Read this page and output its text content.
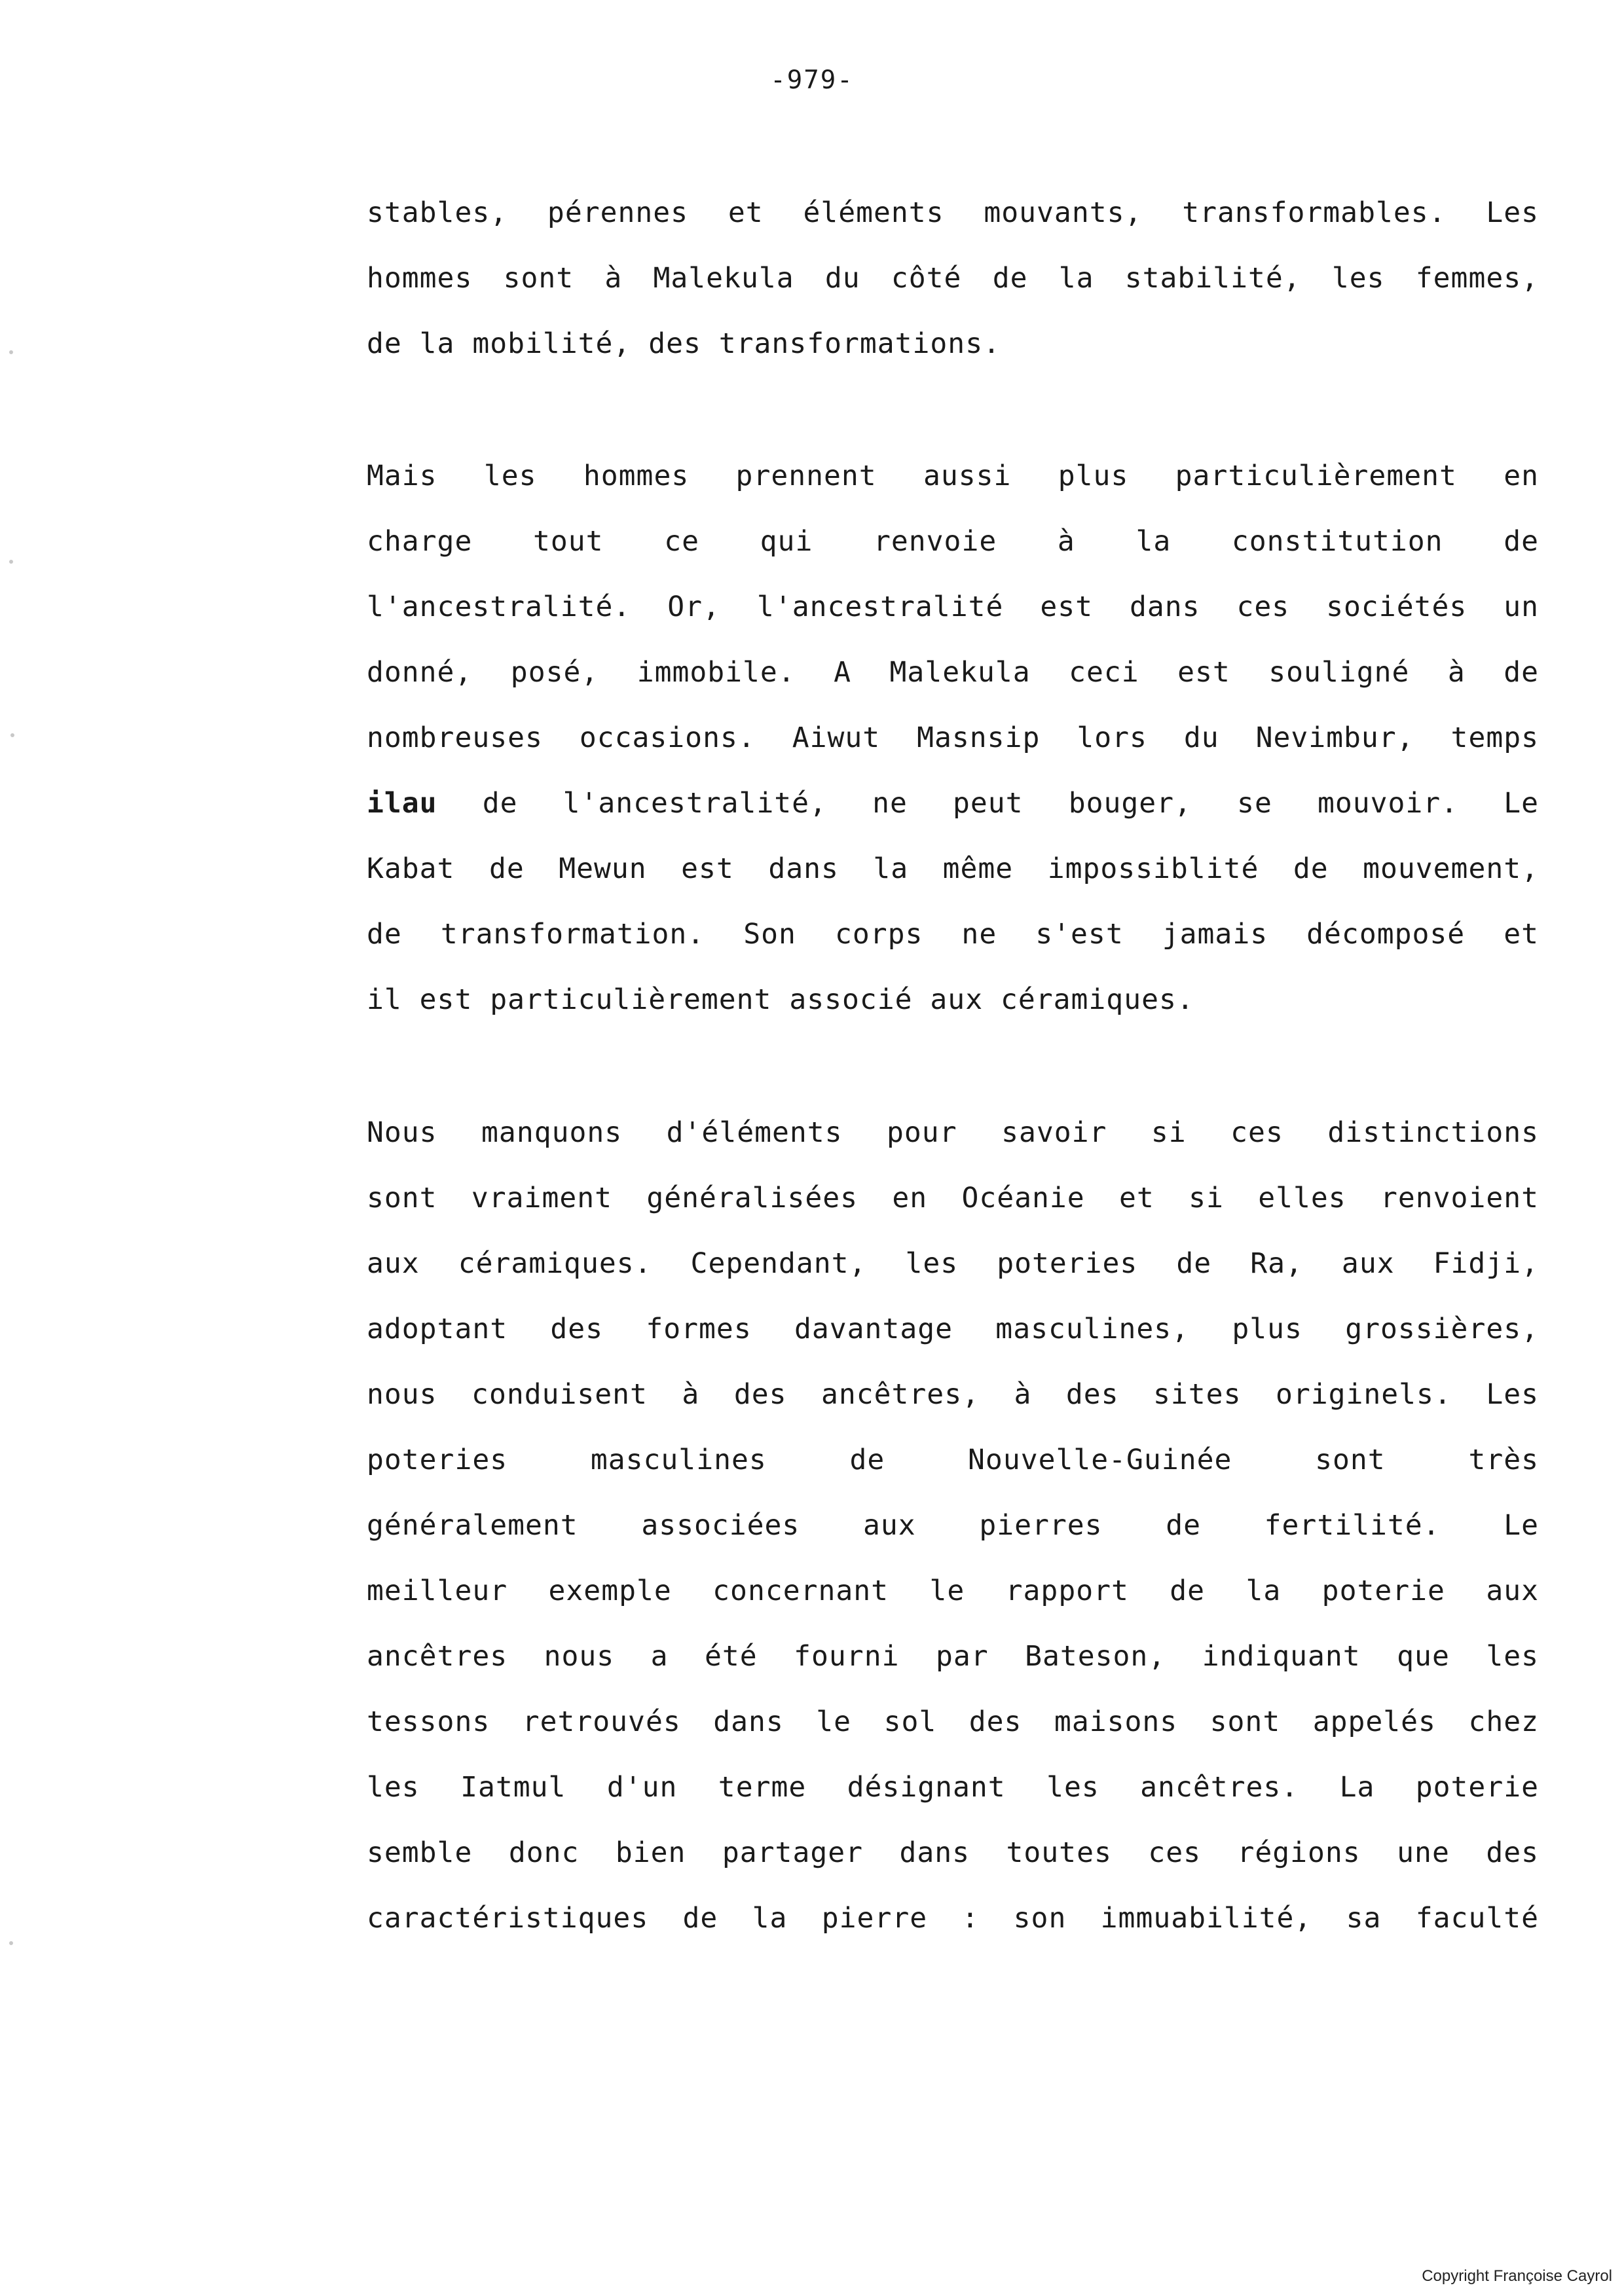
-979-
stables, pérennes et éléments mouvants, transformables. Les
hommes sont à Malekula du côté de la stabilité, les femmes,
de la mobilité, des transformations.
Mais les hommes prennent aussi plus particulièrement en
charge tout ce qui renvoie à la constitution de
l'ancestralité. Or, l'ancestralité est dans ces sociétés un
donné, posé, immobile. A Malekula ceci est souligné à de
nombreuses occasions. Aiwut Masnsip lors du Nevimbur, temps
ilau de l'ancestralité, ne peut bouger, se mouvoir. Le
Kabat de Mewun est dans la même impossiblité de mouvement,
de transformation. Son corps ne s'est jamais décomposé et
il est particulièrement associé aux céramiques.
Nous manquons d'éléments pour savoir si ces distinctions
sont vraiment généralisées en Océanie et si elles renvoient
aux céramiques. Cependant, les poteries de Ra, aux Fidji,
adoptant des formes davantage masculines, plus grossières,
nous conduisent à des ancêtres, à des sites originels. Les
poteries masculines de Nouvelle-Guinée sont très
généralement associées aux pierres de fertilité. Le
meilleur exemple concernant le rapport de la poterie aux
ancêtres nous a été fourni par Bateson, indiquant que les
tessons retrouvés dans le sol des maisons sont appelés chez
les Iatmul d'un terme désignant les ancêtres. La poterie
semble donc bien partager dans toutes ces régions une des
caractéristiques de la pierre : son immuabilité, sa faculté
Copyright Françoise Cayrol
